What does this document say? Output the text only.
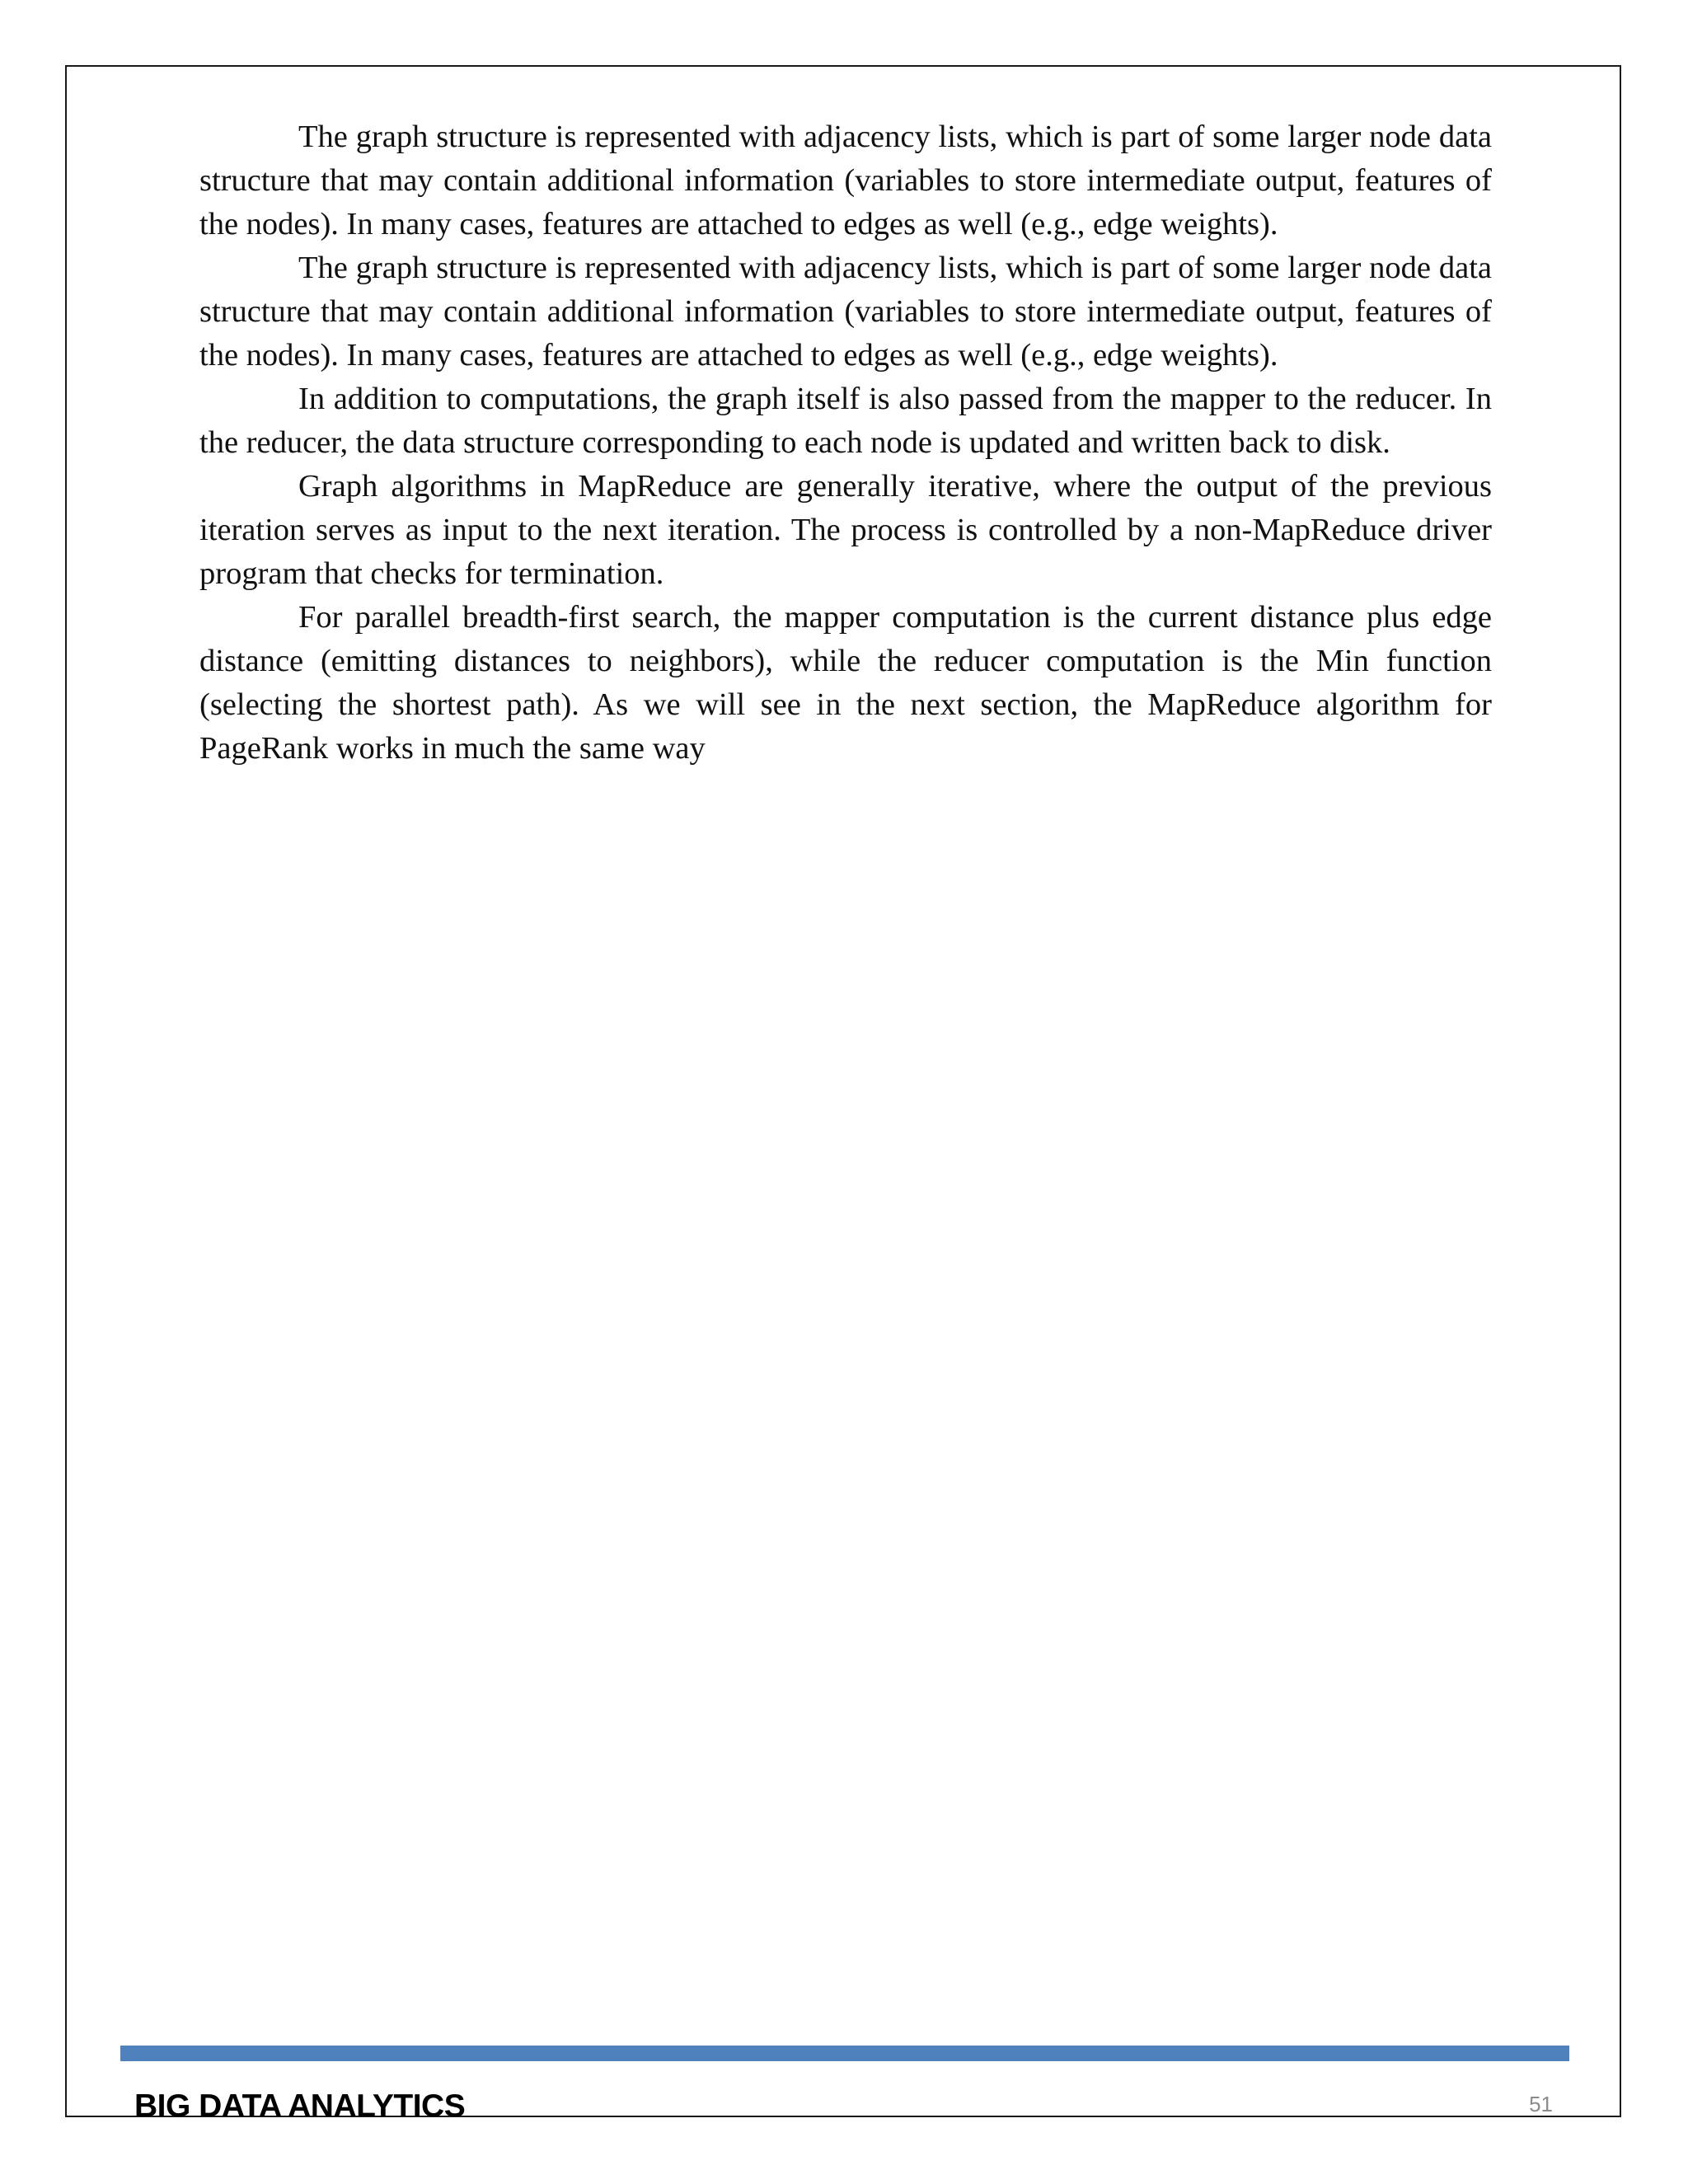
The graph structure is represented with adjacency lists, which is part of some larger node data structure that may contain additional information (variables to store intermediate output, features of the nodes). In many cases, features are attached to edges as well (e.g., edge weights).

The graph structure is represented with adjacency lists, which is part of some larger node data structure that may contain additional information (variables to store intermediate output, features of the nodes). In many cases, features are attached to edges as well (e.g., edge weights).

In addition to computations, the graph itself is also passed from the mapper to the reducer. In the reducer, the data structure corresponding to each node is updated and written back to disk.

Graph algorithms in MapReduce are generally iterative, where the output of the previous iteration serves as input to the next iteration. The process is controlled by a non-MapReduce driver program that checks for termination.

For parallel breadth-first search, the mapper computation is the current distance plus edge distance (emitting distances to neighbors), while the reducer computation is the Min function (selecting the shortest path). As we will see in the next section, the MapReduce algorithm for PageRank works in much the same way

BIG DATA ANALYTICS	51
